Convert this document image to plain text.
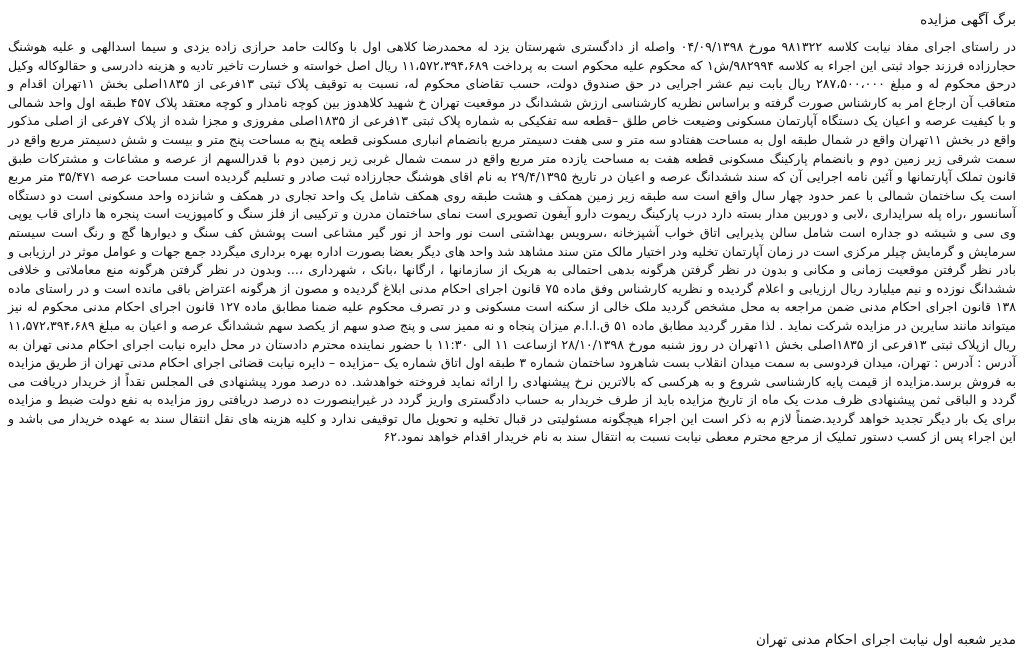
برگ آگهی مزایده

در راستای اجرای مفاد نیابت کلاسه ۹۸۱۳۲۲ مورخ ۰۴/۰۹/۱۳۹۸ واصله از دادگستری شهرستان یزد له محمدرضا کلاهی اول با وکالت حامد حرازی زاده یزدی و سیما اسدالهی و علیه هوشنگ حجارزاده فرزند جواد ثبتی این اجراء به کلاسه ۹۸۲۹۹۴/ش۱ که محکوم علیه محکوم است به پرداخت ۱۱،۵۷۲،۳۹۴،۶۸۹ ریال اصل خواسته و خسارت تاخیر تادیه و هزینه دادرسی و حقالوکاله وکیل درحق محکوم له و مبلغ ۲۸۷،۵۰۰،۰۰۰ ریال بابت نیم عشر اجرایی در حق صندوق دولت، حسب تقاضای محکوم له، نسبت به توقیف پلاک ثبتی ۱۳فرعی از ۱۸۳۵اصلی بخش ۱۱تهران اقدام و متعاقب آن ارجاع امر به کارشناس صورت گرفته و براساس نظریه کارشناسی ارزش ششدانگ در موقعیت تهران خ شهید کلاهدوز بین کوچه نامدار و کوچه معتقد پلاک ۴۵۷ طبقه اول واحد شمالی و با کیفیت عرصه و اعیان یک دستگاه آپارتمان مسکونی وضیعت خاص طلق –قطعه سه تفکیکی به شماره پلاک ثبتی ۱۳فرعی از ۱۸۳۵اصلی مفروزی و مجزا شده از پلاک ۷فرعی از اصلی مذکور واقع در بخش ۱۱تهران واقع در شمال طبقه اول به مساحت هفتادو سه متر و سی هفت دسیمتر مربع بانضمام انباری مسکونی قطعه پنج به مساحت پنج متر و بیست و شش دسیمتر مربع واقع در سمت شرقی زیر زمین دوم و بانضمام پارکینگ مسکونی قطعه هفت به مساحت یازده متر مربع واقع در سمت شمال غربی زیر زمین دوم با قدرالسهم از عرصه و مشاعات و مشترکات طبق قانون تملک آپارتمانها و آئین نامه اجرایی آن که سند ششدانگ عرصه و اعیان در تاریخ ۲۹/۴/۱۳۹۵ به نام اقای هوشنگ حجارزاده ثبت صادر و تسلیم گردیده است مساحت عرصه ۳۵/۴۷۱ متر مربع است یک ساختمان شمالی با عمر حدود چهار سال واقع است سه طبقه زیر زمین همکف و هشت طبقه روی همکف شامل یک واحد تجاری در همکف و شانزده واحد مسکونی است دو دستگاه آسانسور ،راه پله سرایداری ،لابی و دوربین مدار بسته دارد درب پارکینگ ریموت دارو آیفون تصویری است نمای ساختمان مدرن و ترکیبی از فلز سنگ و کامپوزیت است پنجره ها دارای قاب یوپی وی سی و شیشه دو جداره است شامل سالن پذیرایی اتاق خواب آشپزخانه ،سرویس بهداشتی است نور واحد از نور گیر مشاعی است پوشش کف سنگ و دیوارها گچ و رنگ است سیستم سرمایش و گرمایش چیلر مرکزی است در زمان آپارتمان تخلیه ودر اختیار مالک متن سند مشاهد شد واحد های دیگر بعضا بصورت اداره بهره برداری میگردد جمع جهات و عوامل موثر در ارزیابی و بادر نظر گرفتن موقعیت زمانی و مکانی و بدون در نظر گرفتن هرگونه بدهی احتمالی به هریک از سازمانها ، ارگانها ،بانک ، شهرداری ،... وبدون در نظر گرفتن هرگونه منع معاملاتی و خلافی ششدانگ نوزده و نیم میلیارد ریال ارزیابی و اعلام گردیده و نظریه کارشناس وفق ماده ۷۵ قانون اجرای احکام مدنی ابلاغ گردیده و مصون از هرگونه اعتراض باقی مانده است و در راستای ماده ۱۳۸ قانون اجرای احکام مدنی ضمن مراجعه به محل مشخص گردید ملک خالی از سکنه است مسکونی و در تصرف محکوم علیه ضمنا مطابق ماده ۱۲۷ قانون اجرای احکام مدنی محکوم له نیز میتواند مانند سایرین در مزایده شرکت نماید . لذا مقرر گردید مطابق ماده ۵۱ ق.ا.ا.م میزان پنجاه و نه ممیز سی و پنج صدو سهم از یکصد سهم ششدانگ عرصه و اعیان به مبلغ ۱۱،۵۷۲،۳۹۴،۶۸۹ ریال ازپلاک ثبتی ۱۳فرعی از ۱۸۳۵اصلی بخش ۱۱تهران در روز شنبه مورخ ۲۸/۱۰/۱۳۹۸ ازساعت ۱۱ الی ۱۱:۳۰ با حضور نماینده محترم دادستان در محل دایره نیابت اجرای احکام مدنی تهران به آدرس : آدرس : تهران، میدان فردوسی به سمت میدان انقلاب بست شاهرود ساختمان شماره ۳ طبقه اول اتاق شماره یک –مزایده – دایره نیابت قضائی اجرای احکام مدنی تهران از طریق مزایده به فروش برسد.مزایده از قیمت پایه کارشناسی شروع و به هرکسی که بالاترین نرخ پیشنهادی را ارائه نماید فروخته خواهدشد. ده درصد مورد پیشنهادی فی المجلس نقداً از خریدار دریافت می گردد و الباقی ثمن پیشنهادی ظرف مدت یک ماه از تاریخ مزایده باید از طرف خریدار به حساب دادگستری واریز گردد در غیراینصورت ده درصد دریافتی روز مزایده به نفع دولت ضبط و مزایده برای یک بار دیگر تجدید خواهد گردید.ضمناً لازم به ذکر است این اجراء هیچگونه مسئولیتی در قبال تخلیه و تحویل مال توقیفی ندارد و کلیه هزینه های نقل انتقال سند به عهده خریدار می باشد و این اجراء پس از کسب دستور تملیک از مرجع محترم معطی نیابت نسبت به انتقال سند به نام خریدار اقدام خواهد نمود.۶۲

مدیر شعبه اول نیابت اجرای احکام مدنی تهران
